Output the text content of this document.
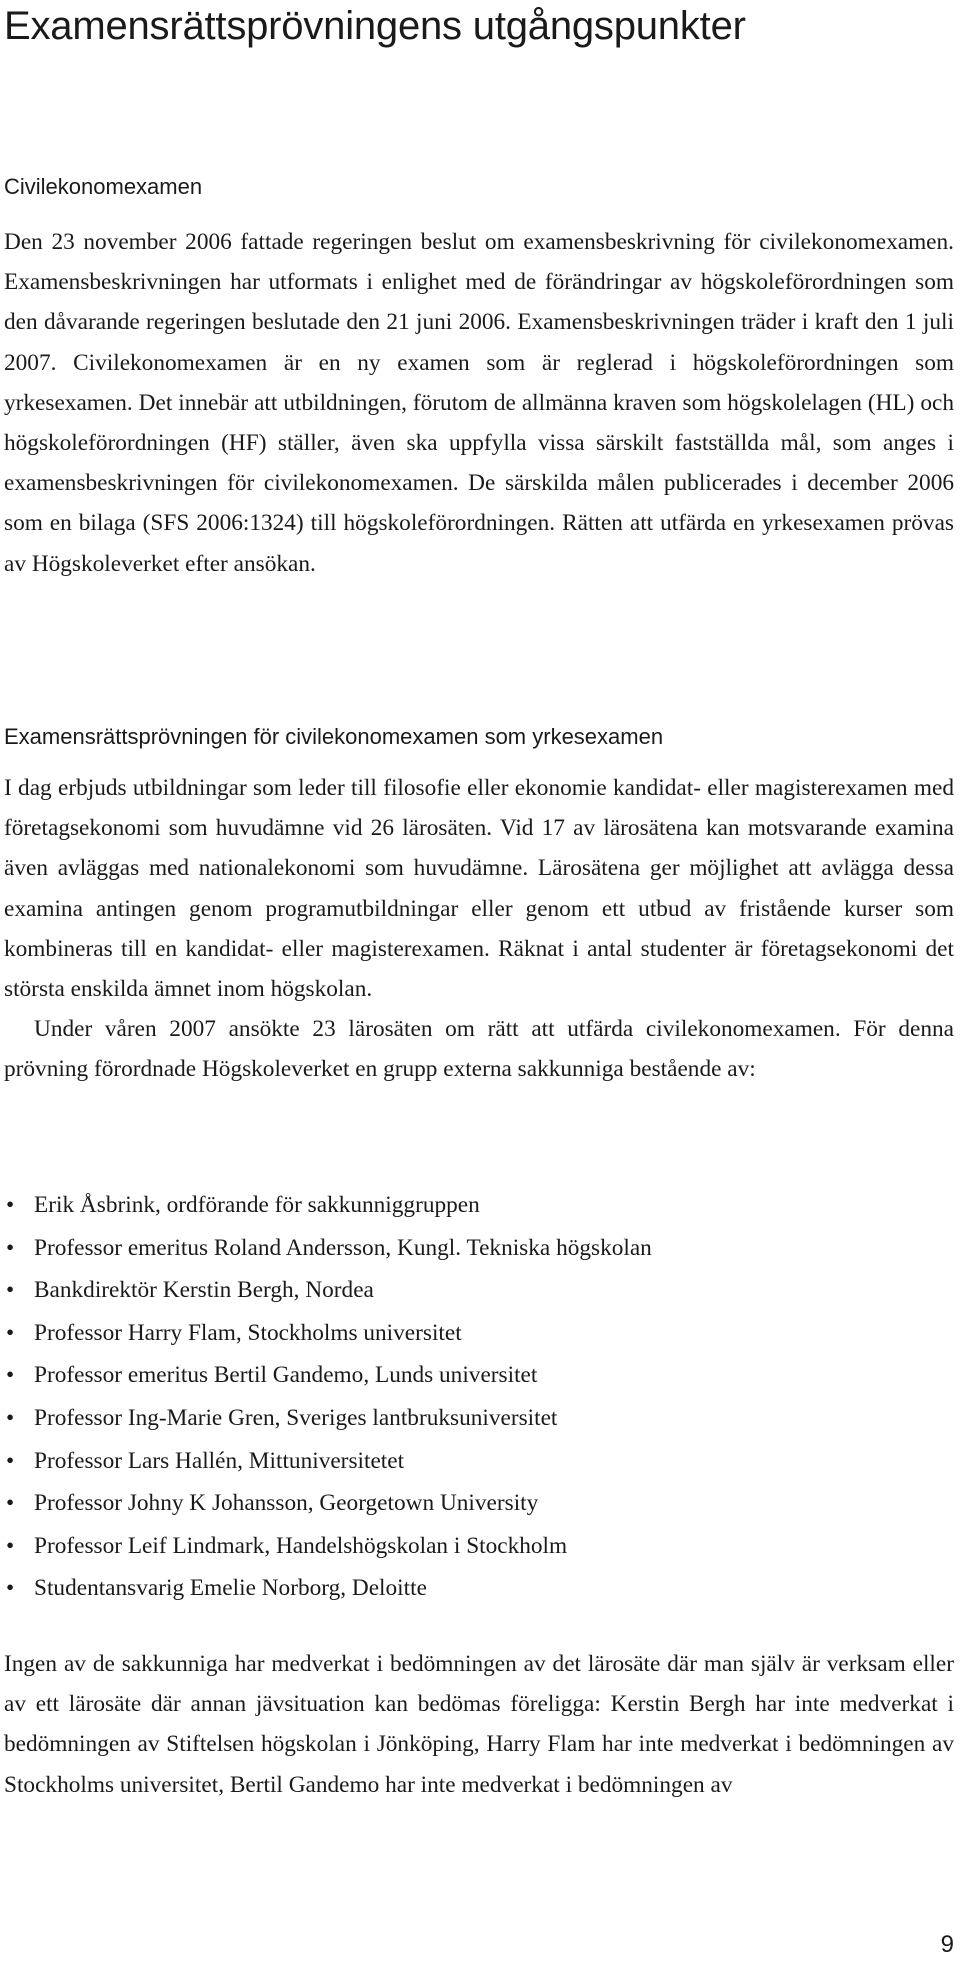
Examensrättsprövningens utgångspunkter
Civilekonomexamen

Den 23 november 2006 fattade regeringen beslut om examensbeskrivning för civilekonomexamen. Examensbeskrivningen har utformats i enlighet med de förändringar av högskoleförordningen som den dåvarande regeringen beslutade den 21 juni 2006. Examensbeskrivningen träder i kraft den 1 juli 2007. Civilekonomexamen är en ny examen som är reglerad i högskoleförordningen som yrkesexamen. Det innebär att utbildningen, förutom de allmänna kraven som högskolelagen (HL) och högskoleförordningen (HF) ställer, även ska uppfylla vissa särskilt fastställda mål, som anges i examensbeskrivningen för civilekonomexamen. De särskilda målen publicerades i december 2006 som en bilaga (SFS 2006:1324) till högskoleförordningen. Rätten att utfärda en yrkesexamen prövas av Högskoleverket efter ansökan.

Examensrättsprövningen för civilekonomexamen som yrkesexamen

I dag erbjuds utbildningar som leder till filosofie eller ekonomie kandidat- eller magisterexamen med företagsekonomi som huvudämne vid 26 lärosäten. Vid 17 av lärosätena kan motsvarande examina även avläggas med nationalekonomi som huvudämne. Lärosätena ger möjlighet att avlägga dessa examina antingen genom programutbildningar eller genom ett utbud av fristående kurser som kombineras till en kandidat- eller magisterexamen. Räknat i antal studenter är företagsekonomi det största enskilda ämnet inom högskolan.

Under våren 2007 ansökte 23 lärosäten om rätt att utfärda civilekonomexamen. För denna prövning förordnade Högskoleverket en grupp externa sakkunniga bestående av:

• Erik Åsbrink, ordförande för sakkunniggruppen
• Professor emeritus Roland Andersson, Kungl. Tekniska högskolan
• Bankdirektör Kerstin Bergh, Nordea
• Professor Harry Flam, Stockholms universitet
• Professor emeritus Bertil Gandemo, Lunds universitet
• Professor Ing-Marie Gren, Sveriges lantbruksuniversitet
• Professor Lars Hallén, Mittuniversitetet
• Professor Johny K Johansson, Georgetown University
• Professor Leif Lindmark, Handelshögskolan i Stockholm
• Studentansvarig Emelie Norborg, Deloitte

Ingen av de sakkunniga har medverkat i bedömningen av det lärosäte där man själv är verksam eller av ett lärosäte där annan jävsituation kan bedömas föreligga: Kerstin Bergh har inte medverkat i bedömningen av Stiftelsen högskolan i Jönköping, Harry Flam har inte medverkat i bedömningen av Stockholms universitet, Bertil Gandemo har inte medverkat i bedömningen av

9
